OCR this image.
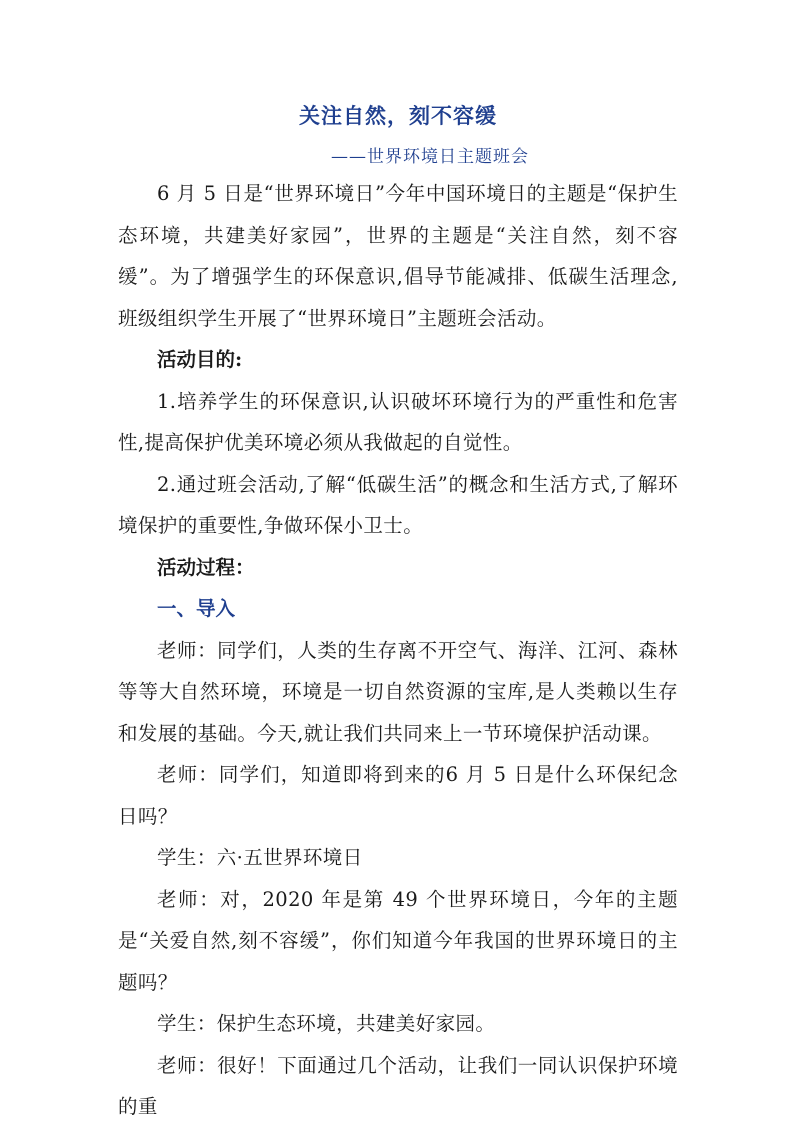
关注自然，刻不容缓
——世界环境日主题班会

6 月 5 日是“世界环境日”今年中国环境日的主题是“保护生态环境，共建美好家园”，世界的主题是“关注自然，刻不容缓”。为了增强学生的环保意识,倡导节能减排、低碳生活理念,班级组织学生开展了“世界环境日”主题班会活动。

活动目的:

1.培养学生的环保意识,认识破坏环境行为的严重性和危害性,提高保护优美环境必须从我做起的自觉性。

2.通过班会活动,了解“低碳生活”的概念和生活方式,了解环境保护的重要性,争做环保小卫士。

活动过程：

一、导入

老师：同学们，人类的生存离不开空气、海洋、江河、森林等等大自然环境，环境是一切自然资源的宝库,是人类赖以生存和发展的基础。今天,就让我们共同来上一节环境保护活动课。

老师：同学们，知道即将到来的6 月 5 日是什么环保纪念日吗？

学生：六·五世界环境日

老师：对，2020 年是第 49 个世界环境日，今年的主题是“关爱自然,刻不容缓”，你们知道今年我国的世界环境日的主题吗？

学生：保护生态环境，共建美好家园。

老师：很好！下面通过几个活动，让我们一同认识保护环境的重
